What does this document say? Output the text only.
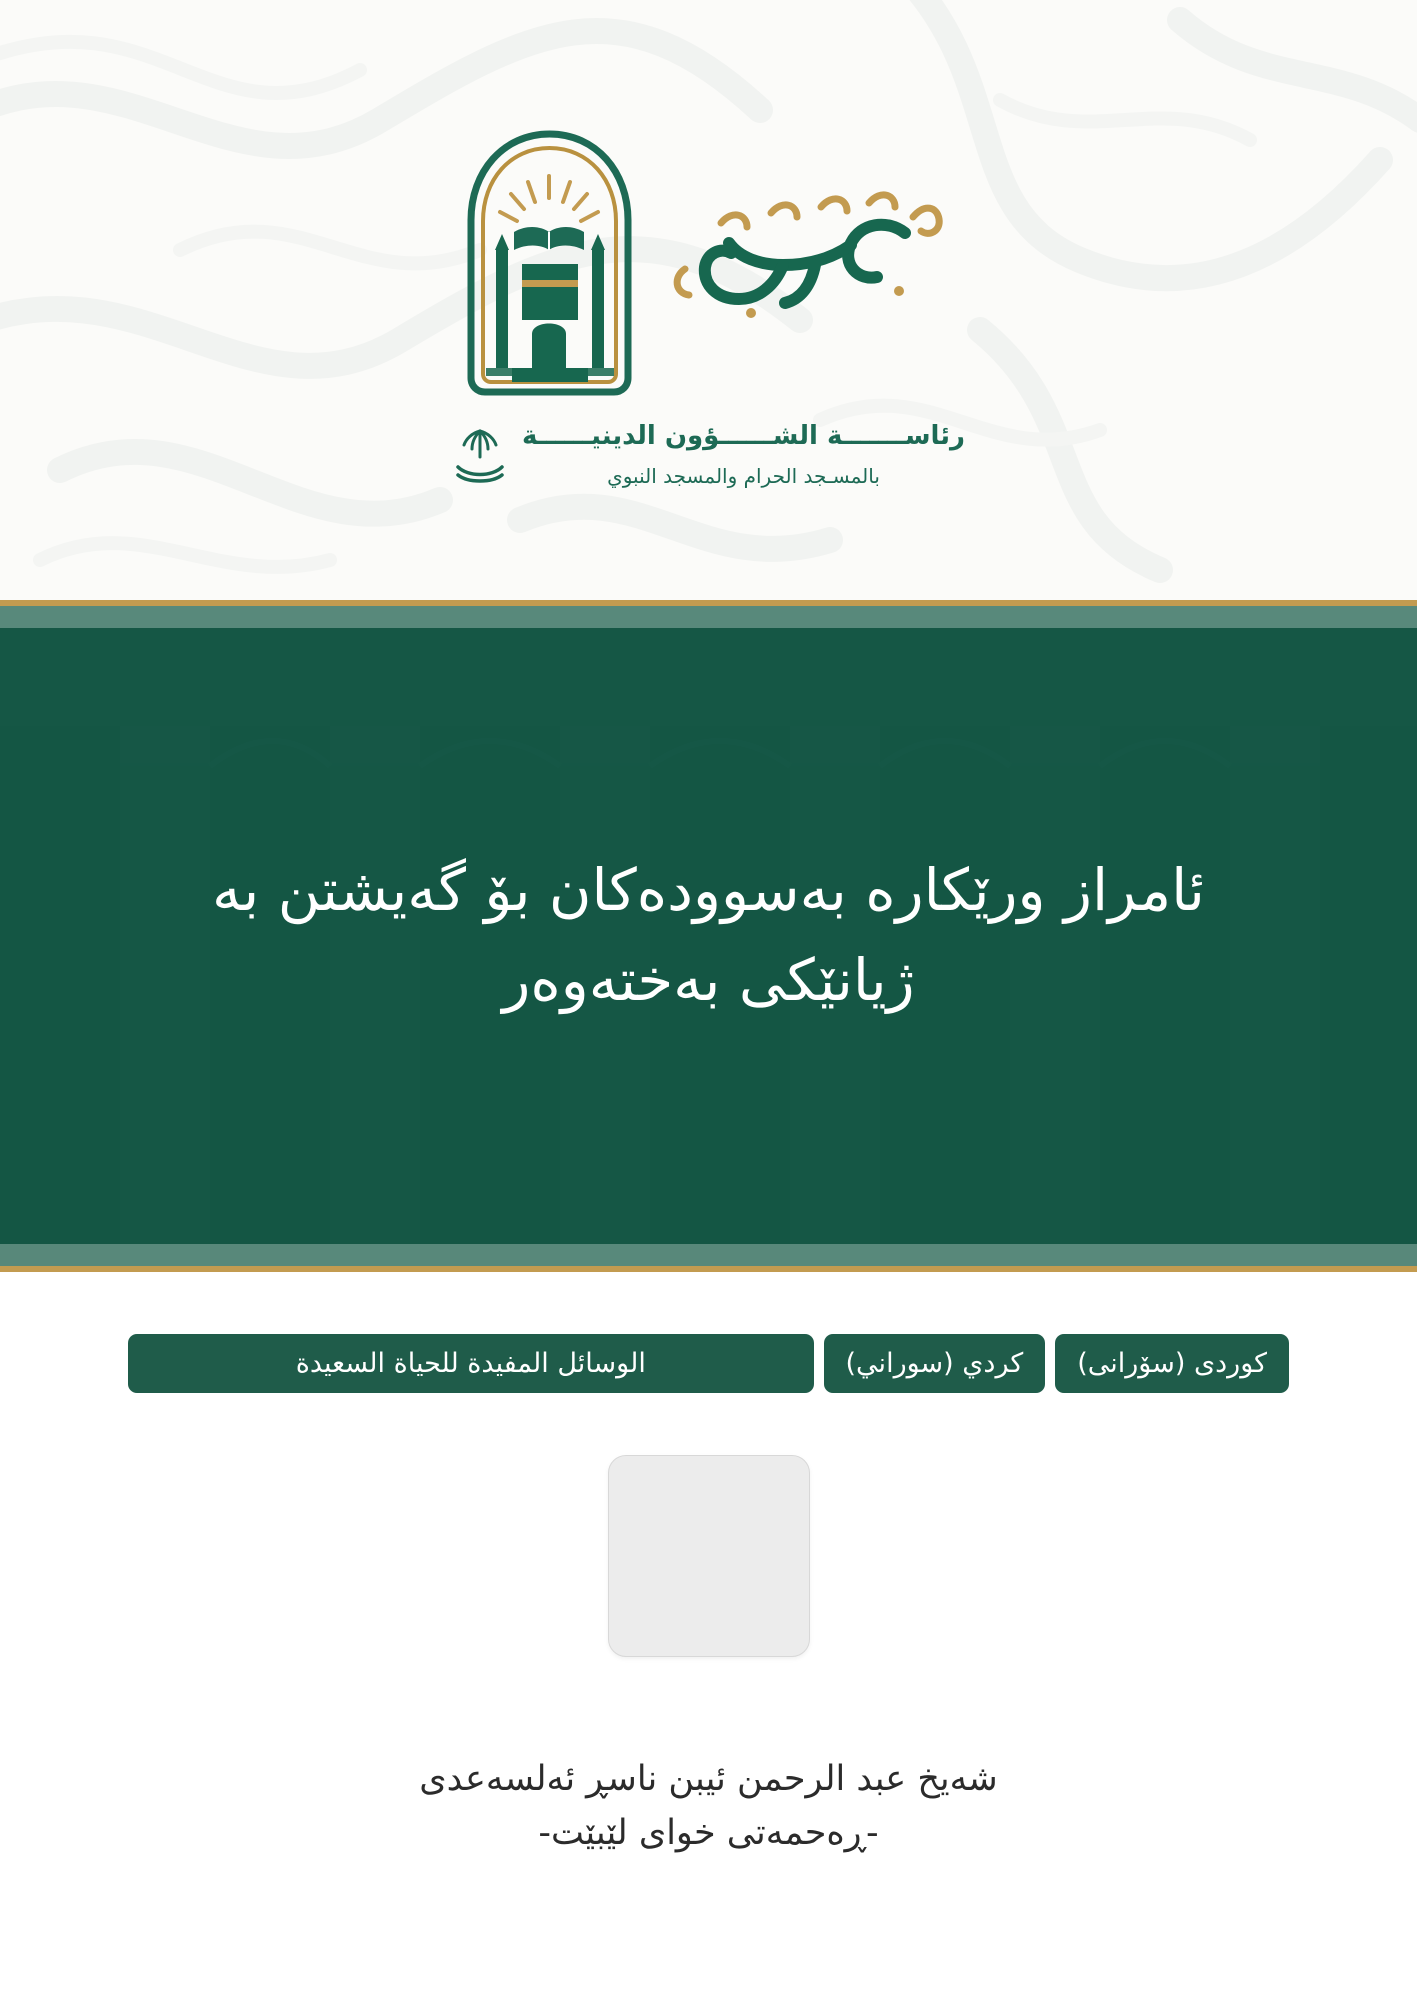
رئاســـــــة الشــــــؤون الدينيــــــة
بالمسـجد الحرام والمسجد النبوي
ئامراز ورێکاره‌ به‌سووده‌کان بۆ گه‌یشتن به‌ ژیانێکی به‌خته‌وه‌ر
كوردی (سۆرانی)
كردي (سوراني)
الوسائل المفيدة للحياة السعيدة
شه‌یخ عبد الرحمن ئیبن ناسڕ ئه‌لسه‌عدی
-ڕه‌حمه‌تی خوای لێبێت-
